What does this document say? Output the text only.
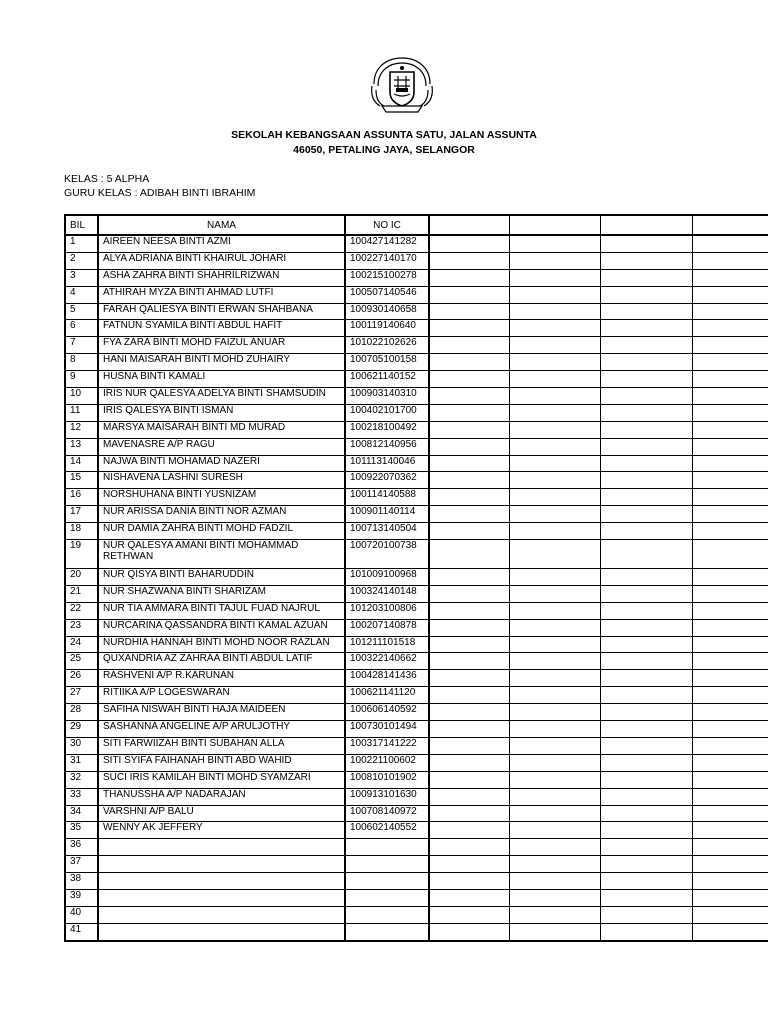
SEKOLAH KEBANGSAAN ASSUNTA SATU, JALAN ASSUNTA
46050, PETALING JAYA, SELANGOR
KELAS : 5 ALPHA
GURU KELAS : ADIBAH BINTI IBRAHIM
BIL	NAMA	NO IC				
1	AIREEN NEESA BINTI AZMI	100427141282				
2	ALYA ADRIANA BINTI KHAIRUL JOHARI	100227140170				
3	ASHA ZAHRA BINTI SHAHRILRIZWAN	100215100278				
4	ATHIRAH MYZA BINTI AHMAD LUTFI	100507140546				
5	FARAH QALIESYA BINTI ERWAN SHAHBANA	100930140658				
6	FATNUN SYAMILA BINTI ABDUL HAFIT	100119140640				
7	FYA ZARA BINTI MOHD FAIZUL ANUAR	101022102626				
8	HANI MAISARAH BINTI MOHD ZUHAIRY	100705100158				
9	HUSNA BINTI KAMALI	100621140152				
10	IRIS NUR QALESYA ADELYA BINTI SHAMSUDIN	100903140310				
11	IRIS QALESYA BINTI ISMAN	100402101700				
12	MARSYA MAISARAH BINTI MD MURAD	100218100492				
13	MAVENASRE A/P RAGU	100812140956				
14	NAJWA BINTI MOHAMAD NAZERI	101113140046				
15	NISHAVENA LASHNI SURESH	100922070362				
16	NORSHUHANA BINTI YUSNIZAM	100114140588				
17	NUR ARISSA DANIA BINTI NOR AZMAN	100901140114				
18	NUR DAMIA ZAHRA BINTI MOHD FADZIL	100713140504				
19	NUR QALESYA AMANI BINTI MOHAMMAD RETHWAN	100720100738				
20	NUR QISYA BINTI BAHARUDDIN	101009100968				
21	NUR SHAZWANA BINTI SHARIZAM	100324140148				
22	NUR TIA AMMARA BINTI TAJUL FUAD NAJRUL	101203100806				
23	NURCARINA QASSANDRA BINTI KAMAL AZUAN	100207140878				
24	NURDHIA HANNAH BINTI MOHD NOOR RAZLAN	101211101518				
25	QUXANDRIA AZ ZAHRAA BINTI ABDUL LATIF	100322140662				
26	RASHVENI A/P R.KARUNAN	100428141436				
27	RITIIKA A/P LOGESWARAN	100621141120				
28	SAFIHA NISWAH BINTI HAJA MAIDEEN	100606140592				
29	SASHANNA ANGELINE A/P ARULJOTHY	100730101494				
30	SITI FARWIIZAH BINTI SUBAHAN ALLA	100317141222				
31	SITI SYIFA FAIHANAH BINTI ABD WAHID	100221100602				
32	SUCI IRIS KAMILAH BINTI MOHD SYAMZARI	100810101902				
33	THANUSSHA A/P NADARAJAN	100913101630				
34	VARSHNI A/P BALU	100708140972				
35	WENNY AK JEFFERY	100602140552				
36						
37						
38						
39						
40						
41						
